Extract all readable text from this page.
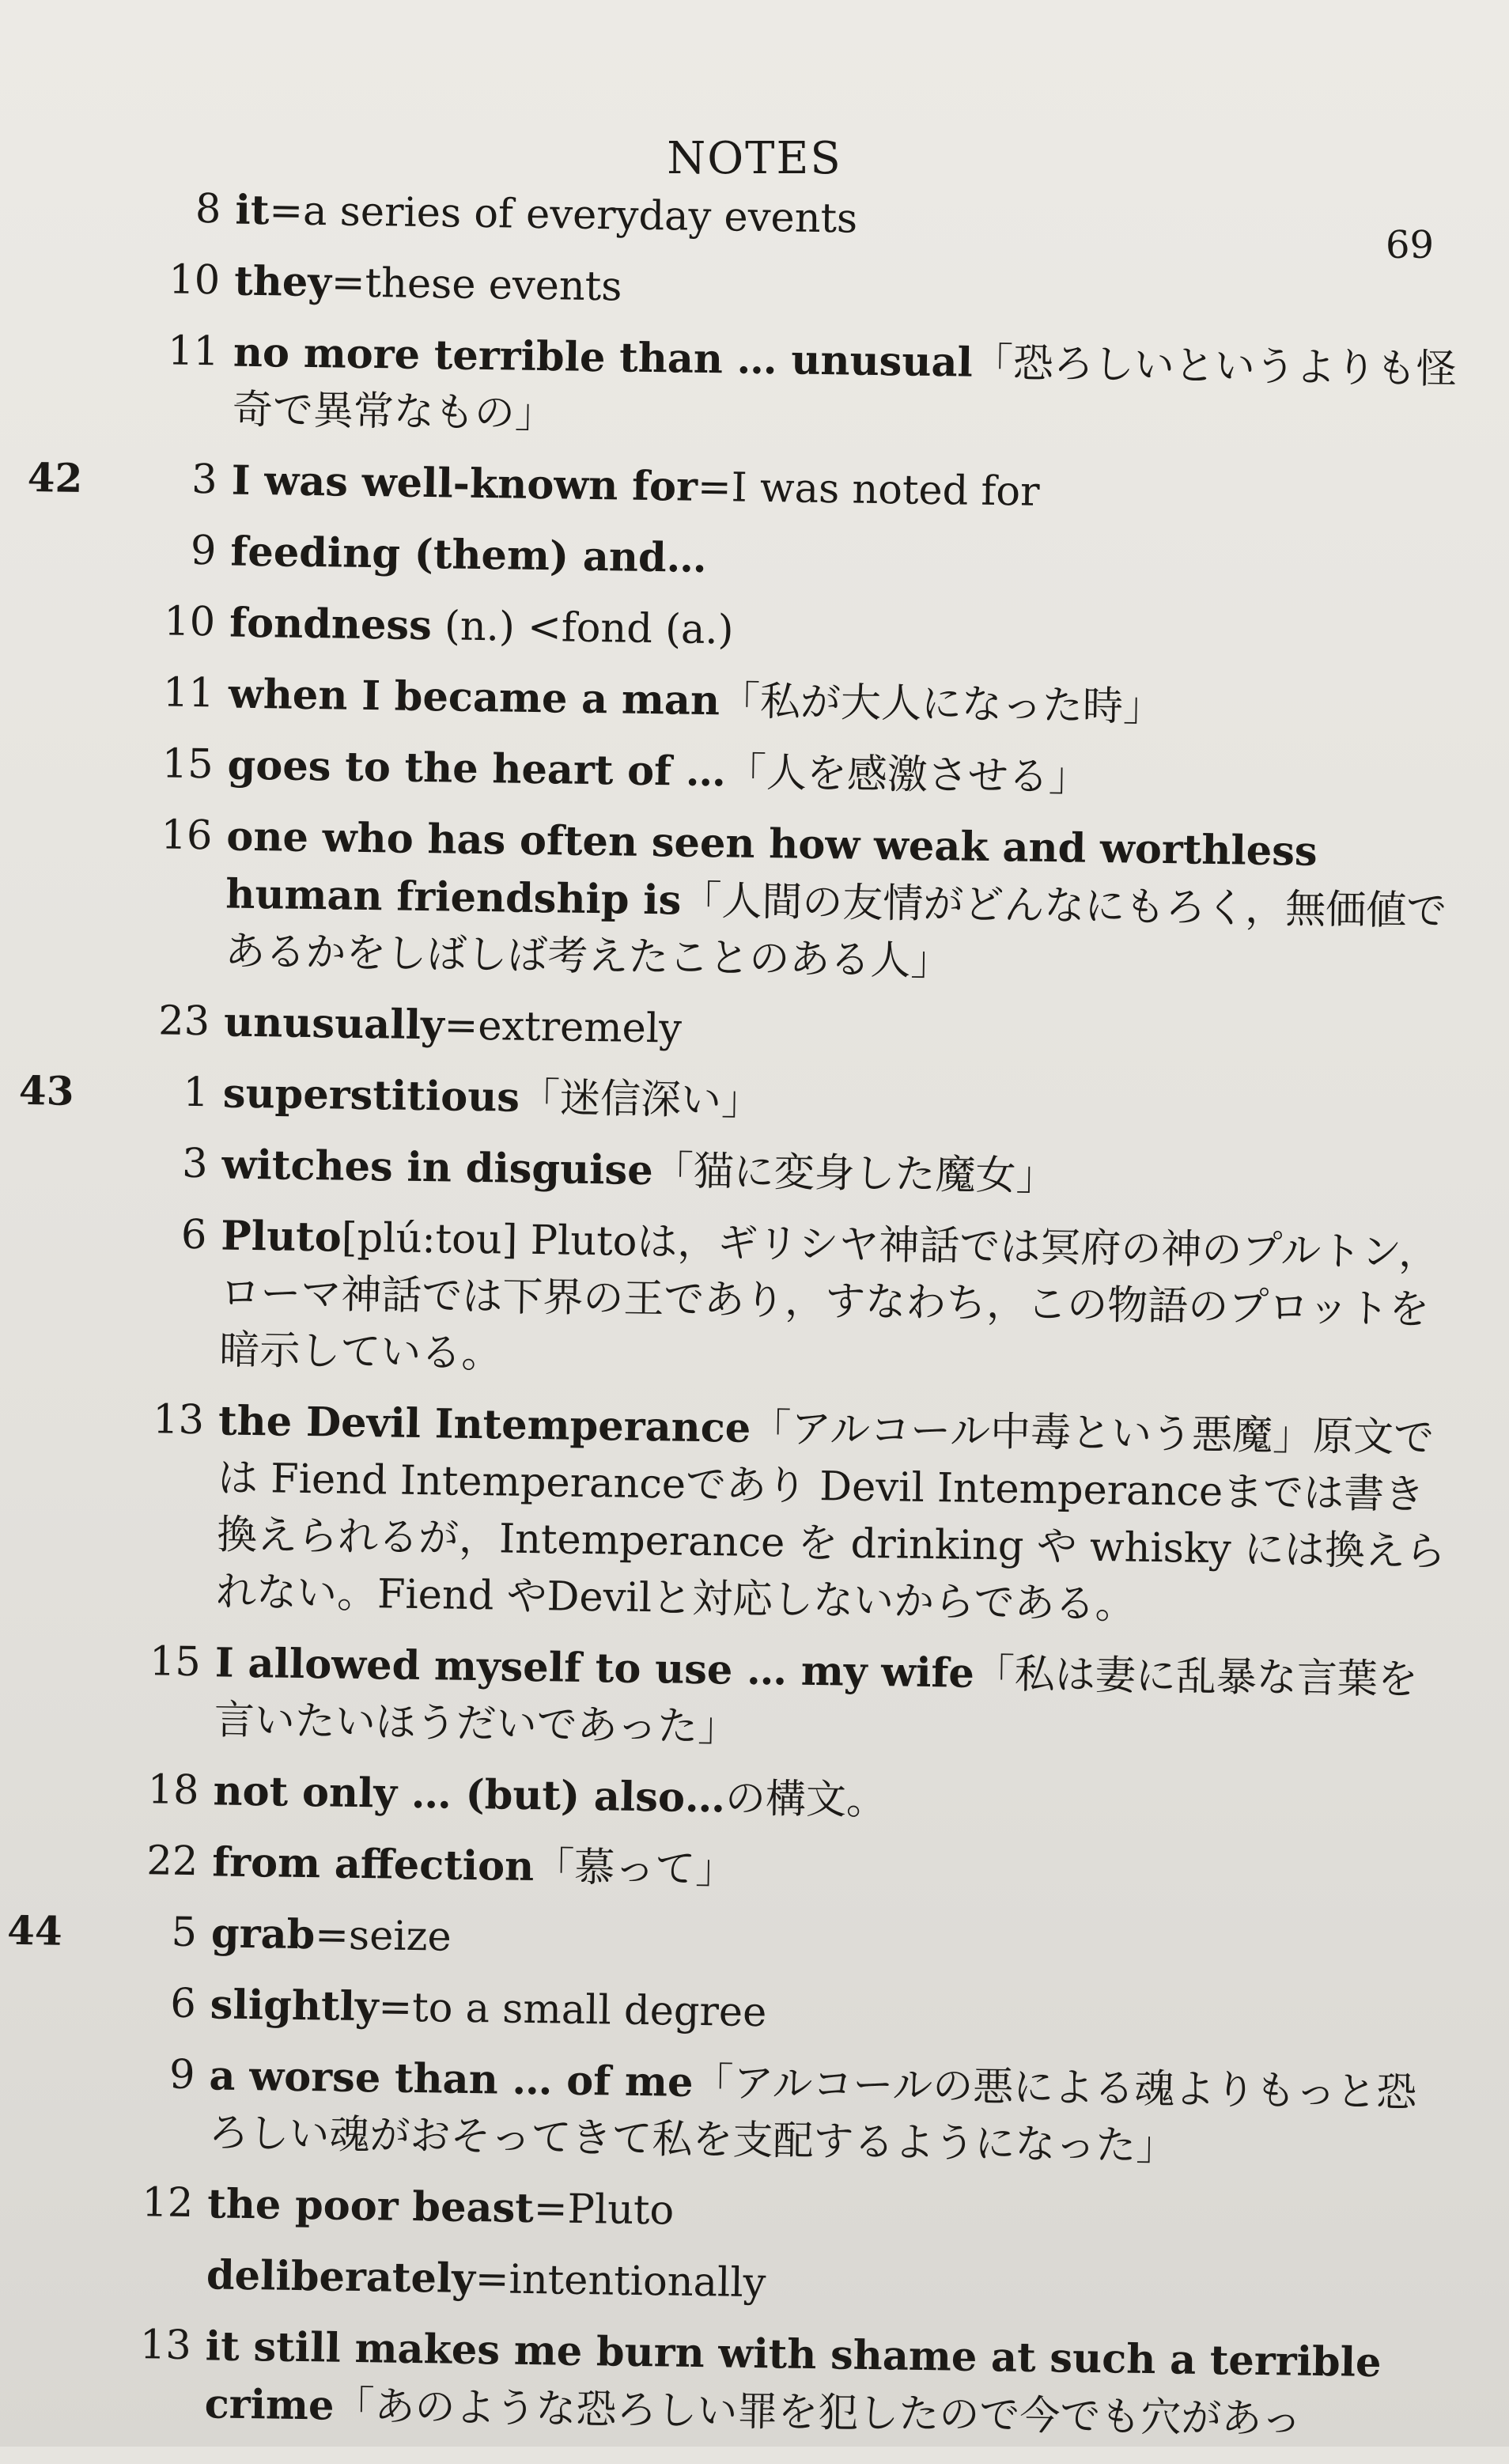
NOTES
69
8 it=a series of everyday events
10 they=these events
11 no more terrible than … unusual「恐ろしいというよりも怪奇で異常なもの」
42	3 I was well-known for=I was noted for
9 feeding (them) and…
10 fondness (n.) <fond (a.)
11 when I became a man「私が大人になった時」
15 goes to the heart of …「人を感激させる」
16 one who has often seen how weak and worthless human friendship is「人間の友情がどんなにもろく，無価値であるかをしばしば考えたことのある人」
23 unusually=extremely
43	1 superstitious「迷信深い」
3 witches in disguise「猫に変身した魔女」
6 Pluto[plú:tou] Plutoは，ギリシヤ神話では冥府の神のプルトン，ローマ神話では下界の王であり，すなわち，この物語のプロットを暗示している。
13 the Devil Intemperance「アルコール中毒という悪魔」原文では Fiend Intemperanceであり Devil Intemperanceまでは書き換えられるが，Intemperance を drinking や whisky には換えられない。Fiend やDevilと対応しないからである。
15 I allowed myself to use … my wife「私は妻に乱暴な言葉を言いたいほうだいであった」
18 not only … (but) also…の構文。
22 from affection「慕って」
44	5 grab=seize
6 slightly=to a small degree
9 a worse than … of me「アルコールの悪による魂よりもっと恐ろしい魂がおそってきて私を支配するようになった」
12 the poor beast=Pluto
deliberately=intentionally
13 it still makes me burn with shame at such a terrible crime「あのような恐ろしい罪を犯したので今でも穴があっ
